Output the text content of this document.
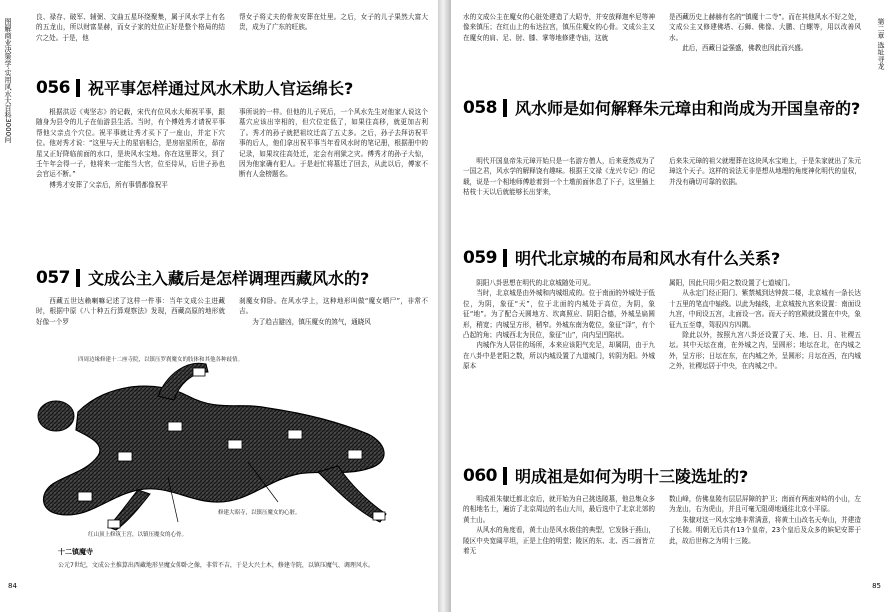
图解商业决策学·实用风水大百科3000问

良、禄存、破军、辅弼、文曲五星环绕聚集，属于风水学上有名的五龙山，所以财富显赫，而女子家的灶位正好是整个格局的结穴之处。于是，他

帮女子将丈夫的骨灰安葬在灶里。之后，女子的儿子果然大富大贵，成为了广东的旺族。

056 祝平事怎样通过风水术助人官运绵长?

根据洪迈《夷坚志》的记载，宋代有位风水大师祝平事，跟随身为县令的儿子在仙游县生活。当时，有个傅姓秀才请祝平事帮他父亲点个穴位。祝平事就让秀才买下了一座山，并定下穴位。他对秀才说：“这里与天上的星宿相合，是房宿星所在，昴宿星又正好降临前面的水口，是块风水宝地。你在这里葬父，到了壬午年会得一子，他将来一定能当大官，位至侍从，后世子孙也会官运不断。”

傅秀才安葬了父亲后，所有事情都像祝平

事所说的一样。但他的儿子死后，一个风水先生对他家人说这个墓穴应该出宰相的，但穴位定低了，如果往高移，就更加吉利了。秀才的孙子就把祖坟迁高了五丈多。之后，孙子去拜访祝平事的后人，他们拿出祝平事当年看风水时的笔记册，根据册中的记录，如果坟往高处迁，定会有刑狱之灾。傅秀才的孙子大惊，因为他家确有犯人。于是赶忙将墓迁了回去，从此以后，傅家不断有人金榜题名。

057 文成公主入藏后是怎样调理西藏风水的?

西藏五世达赖喇嘛记述了这样一件事：当年文成公主进藏时，根据中原《八十种五行算观察法》发现，西藏高原的地形就好像一个罗

刹魔女仰卧。在风水学上，这种地形叫做“魔女晒尸”，非常不吉。

为了趋吉避凶，镇压魔女的煞气，通晓风

四周边缘修建十二座寺院，以镇压罗刹魔女的肢体和其他各种歧情。
修建大昭寺，以镇压魔女的心脏。
红山顶上修筑王宫，以镇压魔女的心骨。
十二镇魔寺
公元7世纪，文成公主推算出西藏地形呈魔女仰卧之像，非常不吉，于是大兴土木，修建寺院，以镇压魔气、调理风水。
84
第二章 选址寻龙

水的文成公主在魔女的心脏处建造了大昭寺，并安放释迦牟尼等神像来镇压；在红山上的布达拉宫，镇压住魔女的心骨。文成公主又在魔女的肩、足、肘、膝、掌等地修建寺庙，这就

是西藏历史上赫赫有名的“镇魔十二寺”。而在其他风水不好之处，文成公主又修建佛塔、石狮、佛像、大鹏、白螺等，用以改善风水。

此后，西藏日益强盛，佛教也因此而兴盛。

058 风水师是如何解释朱元璋由和尚成为开国皇帝的?

明代开国皇帝朱元璋开始只是一名游方僧人，后来竟然成为了一国之君，风水学的解释饶有趣味。根据王文禄《龙兴专记》的记载，说是一个相地师傅趁着到一个土墩前面休息了下子，这里插上枯枝十天以后就能够长出芽来，

后来朱元璋的祖父就埋葬在这块风水宝地上，于是朱家就出了朱元璋这个天子。这样的说法无非是想从地理的角度神化明代的皇权，并没有确切可靠的依据。

059 明代北京城的布局和风水有什么关系?

阴阳八卦思想在明代的北京城随处可见。

当时，北京城是由外城和内城组成的。位于南面的外城处于低位，为阴，象征“天”，位于北面的内城处于高位，为阴，象征“地”。为了配合天圆地方、坎离照应、阴阳合德，外城呈扁圆形，稍宽；内城呈方形，稍窄。外城东南为乾位，象征“泽”，有个凸起的角；内城西北为艮位，象征“山”，向内呈凹陷状。

内城作为人居住的场所，本来应该阳气充足，却属阴，由于九在八卦中是老阳之数，所以内城设置了九道城门，转阴为阳。外城原本

属阳，因此只用少阳之数设置了七道城门。

从永定门经正阳门、紫禁城到达钟鼓二楼，北京城有一条长达十五里的笔直中轴线。以此为轴线，北京城按九宫来设置：南面设九宫，中间设五宫，北面设一宫。而天子的宫殿就设置在中央，象征九五至尊，驾驭四方四隅。

除此以外，按照九宫八卦还设置了天、地、日、月、社稷五坛。其中天坛在南，在外城之内，呈圆形；地坛在北，在内城之外，呈方形；日坛在东，在内城之外，呈圆形；月坛在西，在内城之外，社稷坛居于中央，在内城之中。

060 明成祖是如何为明十三陵选址的?

明成祖朱棣迁都北京后，就开始为自己挑选陵墓，他总集众多的相地名士，遍访了北京周边的名山大川，最后选中了北京北郊的黄土山。

从风水的角度看，黄土山是风水极佳的典型，它发脉于燕山，陵区中央宽阔平坦，正是上佳的明堂；陵区的东、北、西二面皆立着无

数山峰，仿佛皇陵有层层屏障的护卫；南面有两座对峙的小山，左为龙山，右为虎山，并且可毫无阻碍地通往北京小平原。

朱棣对这一风水宝地非常满意，将黄土山改名天寿山，并建造了长陵。明朝无后共有13个皇帝，23个皇后及众多的嫔妃安葬于此，故后世称之为明十三陵。

85
